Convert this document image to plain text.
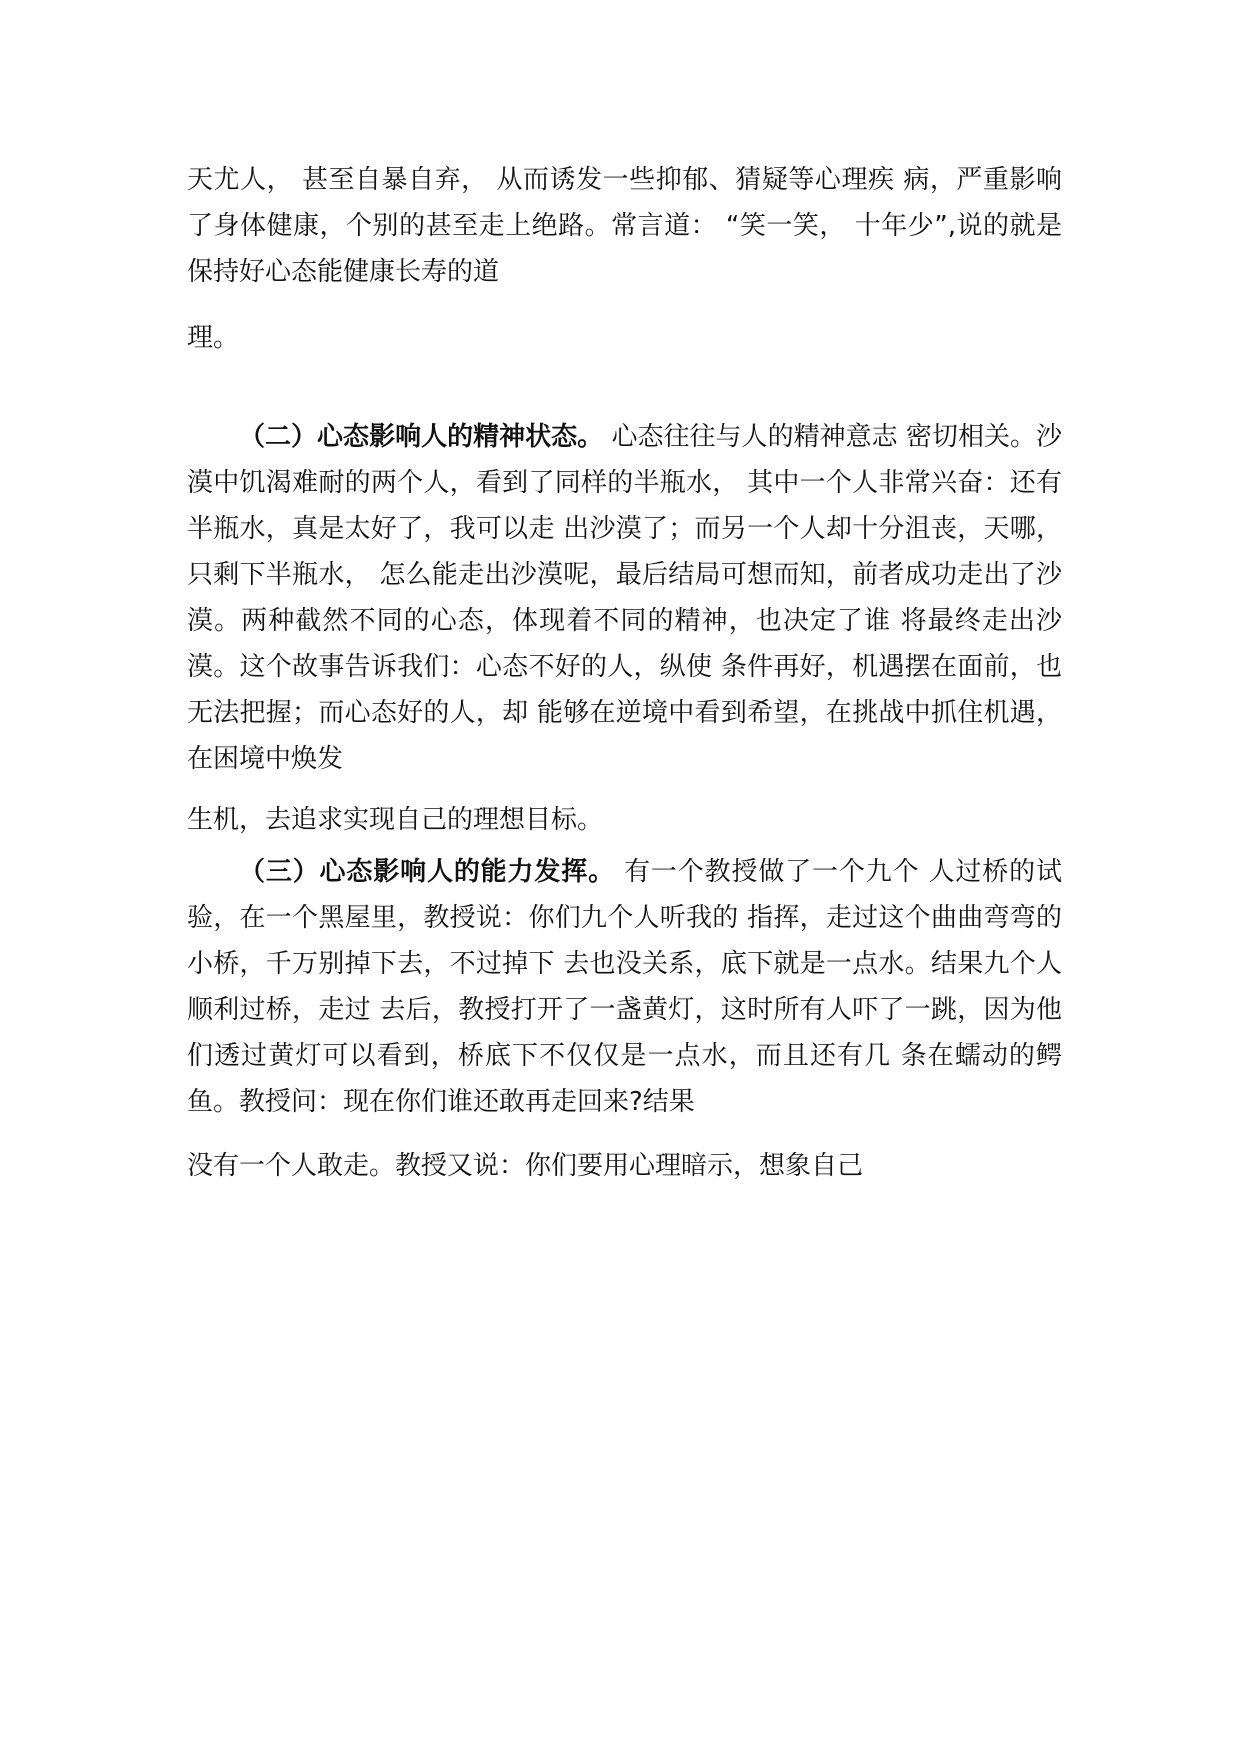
天尤人， 甚至自暴自弃， 从而诱发一些抑郁、猜疑等心理疾 病，严重影响了身体健康，个别的甚至走上绝路。常言道： “笑一笑， 十年少”,说的就是保持好心态能健康长寿的道

理。

（二）心态影响人的精神状态。 心态往往与人的精神意志 密切相关。沙漠中饥渴难耐的两个人，看到了同样的半瓶水， 其中一个人非常兴奋：还有半瓶水，真是太好了，我可以走 出沙漠了；而另一个人却十分沮丧，天哪，只剩下半瓶水， 怎么能走出沙漠呢，最后结局可想而知，前者成功走出了沙漠。两种截然不同的心态，体现着不同的精神，也决定了谁 将最终走出沙漠。这个故事告诉我们：心态不好的人，纵使 条件再好，机遇摆在面前，也无法把握；而心态好的人，却 能够在逆境中看到希望，在挑战中抓住机遇，在困境中焕发

生机，去追求实现自己的理想目标。

（三）心态影响人的能力发挥。 有一个教授做了一个九个 人过桥的试验，在一个黑屋里，教授说：你们九个人听我的 指挥，走过这个曲曲弯弯的小桥，千万别掉下去，不过掉下 去也没关系，底下就是一点水。结果九个人顺利过桥，走过 去后，教授打开了一盏黄灯，这时所有人吓了一跳，因为他们透过黄灯可以看到，桥底下不仅仅是一点水，而且还有几 条在蠕动的鳄鱼。教授问：现在你们谁还敢再走回来?结果

没有一个人敢走。教授又说：你们要用心理暗示，想象自己
